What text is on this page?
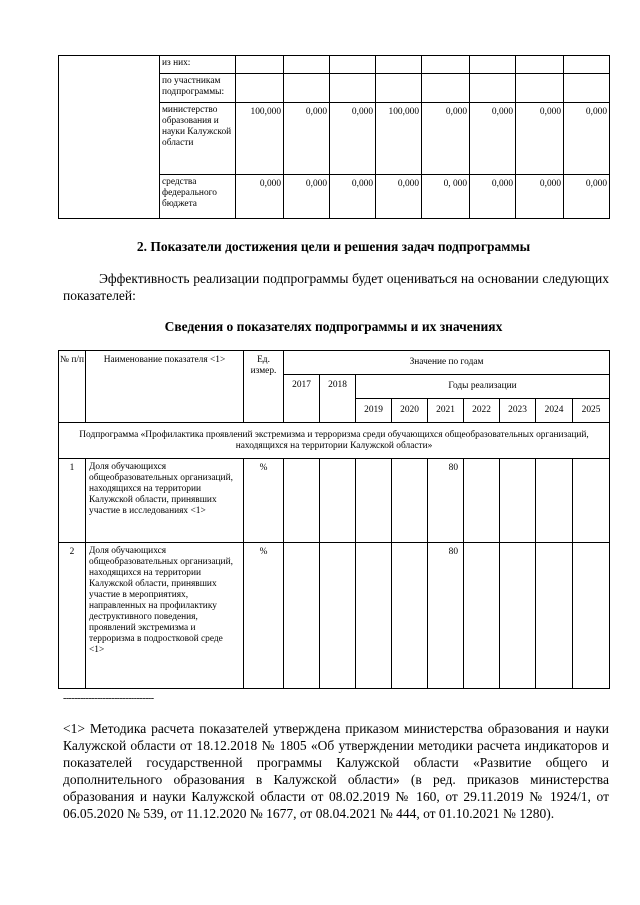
	из них:								
	по участникам подпрограммы:								
	министерство образования и науки Калужской области	100,000	0,000	0,000	100,000	0,000	0,000	0,000	0,000
	средства федерального бюджета	0,000	0,000	0,000	0,000	0, 000	0,000	0,000	0,000
2. Показатели достижения цели и решения задач подпрограммы
Эффективность реализации подпрограммы будет оцениваться на основании следующих показателей:
Сведения о показателях подпрограммы и их значениях
№ п/п	Наименование показателя <1>	Ед. измер.	Значение по годам								
			2017	2018	Годы реализации						
					2019	2020	2021	2022	2023	2024	2025
Подпрограмма «Профилактика проявлений экстремизма и терроризма среди обучающихся общеобразовательных организаций, находящихся на территории Калужской области»											
1	Доля обучающихся общеобразовательных организаций, находящихся на территории Калужской области, принявших участие в исследованиях <1>	%					80				
2	Доля обучающихся общеобразовательных организаций, находящихся на территории Калужской области, принявших участие в мероприятиях, направленных на профилактику деструктивного поведения, проявлений экстремизма и терроризма в подростковой среде <1>	%					80				
--------------------------------
<1> Методика расчета показателей утверждена приказом министерства образования и науки Калужской области от 18.12.2018 № 1805 «Об утверждении методики расчета индикаторов и показателей государственной программы Калужской области «Развитие общего и дополнительного образования в Калужской области» (в ред. приказов министерства образования и науки Калужской области от 08.02.2019 № 160, от 29.11.2019 № 1924/1, от 06.05.2020 № 539, от 11.12.2020 № 1677, от 08.04.2021 № 444, от 01.10.2021 № 1280).
